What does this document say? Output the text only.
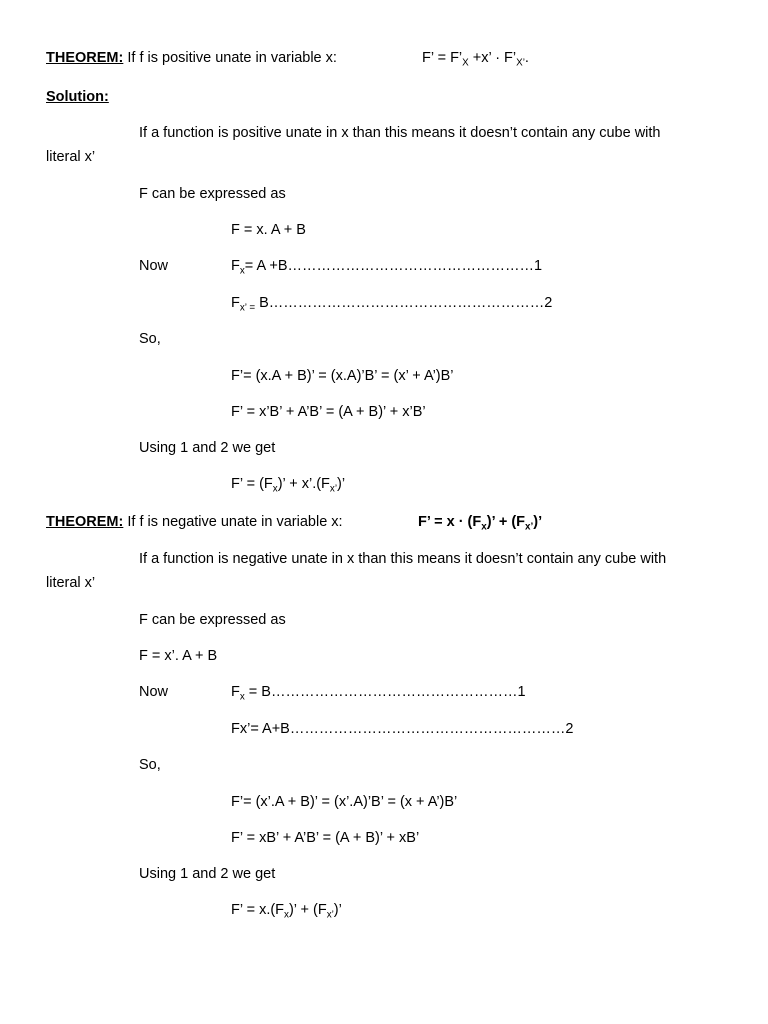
THEOREM: If f is positive unate in variable x:	F’ = $F’_X +x$’ · $F’_{X’}$.
Solution:
If a function is positive unate in x than this means it doesn’t contain any cube with
literal x’
F can be expressed as
F = x. A + B
Now	$F_x= A$ +B……………………………………………1
$F_{x’ =}$ B…………………………………………………2
So,
F’= (x.A + B)’ = (x.A)’B’ = (x’ + A’)B’
F’ = x’B’ + A’B’ = (A + B)’ + x’B’
Using 1 and 2 we get
F’ = $(F_x)$’ + $x’.(F_{x’})$’
THEOREM: If f is negative unate in variable x:	F’ = $x \cdot (F_x)$’ + $(F_{x’})$’
If a function is negative unate in x than this means it doesn’t contain any cube with
literal x’
F can be expressed as
F = x’. A + B
Now	$F_x$ = B……………………………………………1
Fx’= A+B…………………………………………………2
So,
F’= (x’.A + B)’ = (x’.A)’B’ = (x + A’)B’
F’ = xB’ + A’B’ = (A + B)’ + xB’
Using 1 and 2 we get
F’ = $x.(F_x)$’ + $(F_{x’})$’
